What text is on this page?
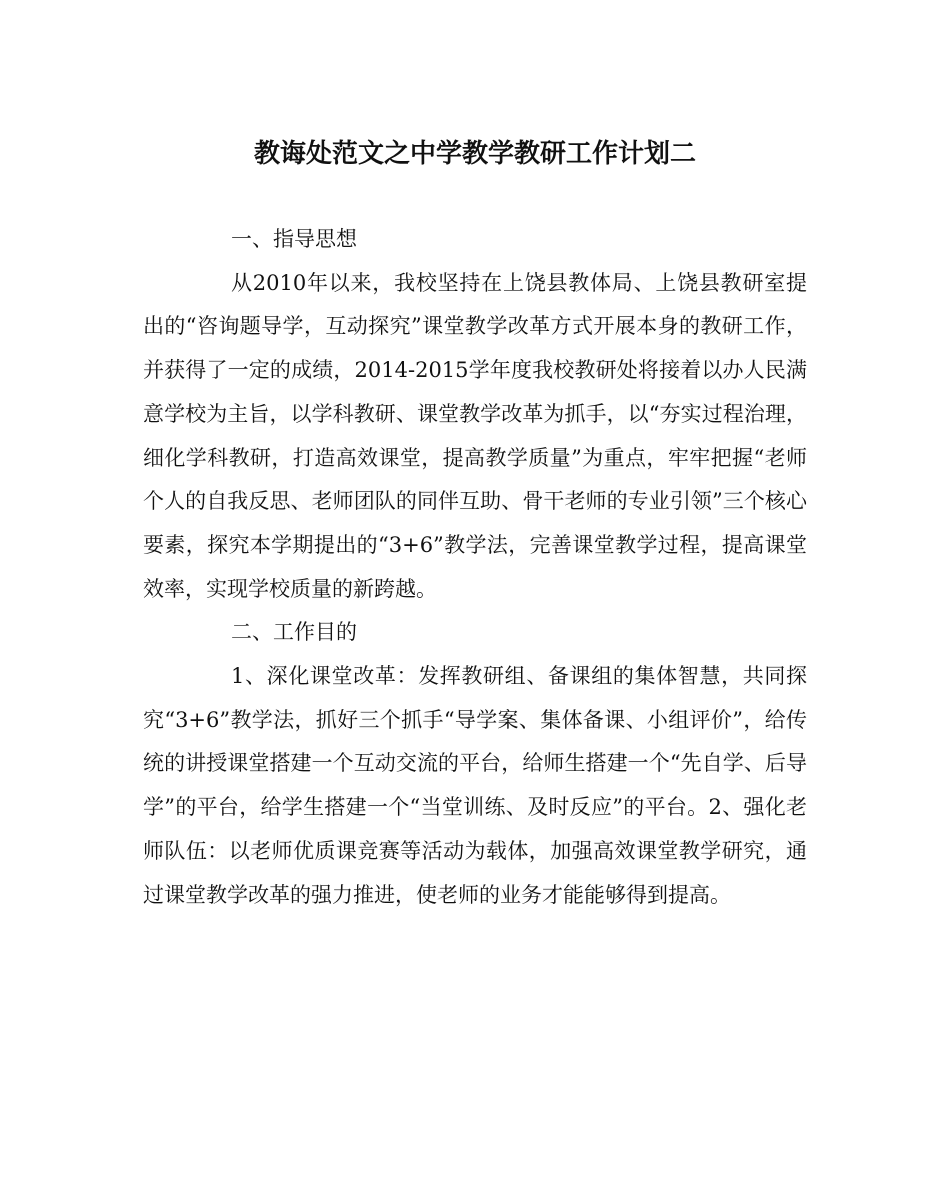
教诲处范文之中学教学教研工作计划二

一、指导思想

从2010年以来，我校坚持在上饶县教体局、上饶县教研室提出的“咨询题导学，互动探究”课堂教学改革方式开展本身的教研工作，并获得了一定的成绩，2014-2015学年度我校教研处将接着以办人民满意学校为主旨，以学科教研、课堂教学改革为抓手，以“夯实过程治理，细化学科教研，打造高效课堂，提高教学质量”为重点，牢牢把握“老师个人的自我反思、老师团队的同伴互助、骨干老师的专业引领”三个核心要素，探究本学期提出的“3+6”教学法，完善课堂教学过程，提高课堂效率，实现学校质量的新跨越。

二、工作目的

1、深化课堂改革：发挥教研组、备课组的集体智慧，共同探究“3+6”教学法，抓好三个抓手“导学案、集体备课、小组评价”，给传统的讲授课堂搭建一个互动交流的平台，给师生搭建一个“先自学、后导学”的平台，给学生搭建一个“当堂训练、及时反应”的平台。2、强化老师队伍：以老师优质课竞赛等活动为载体，加强高效课堂教学研究，通过课堂教学改革的强力推进，使老师的业务才能能够得到提高。
